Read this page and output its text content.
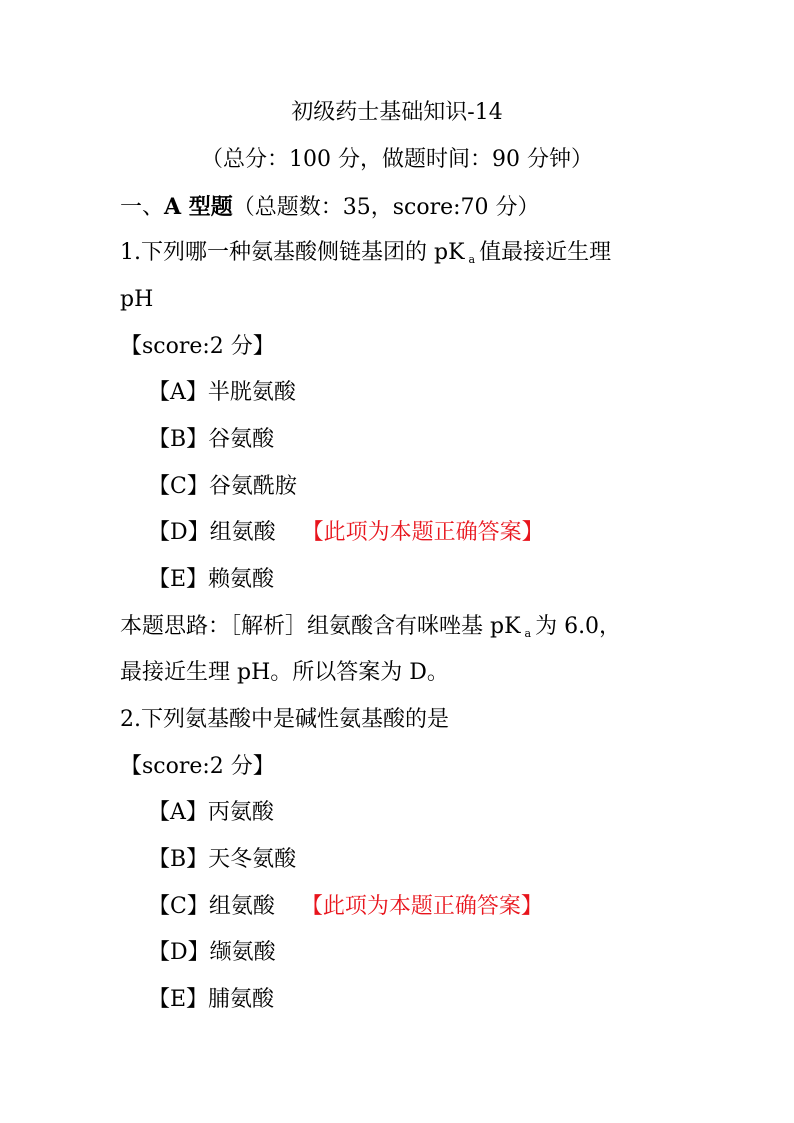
初级药士基础知识-14
（总分：100 分，做题时间：90 分钟）
一、A 型题（总题数：35，score:70 分）
1.下列哪一种氨基酸侧链基团的 pK $_a$ 值最接近生理
pH
【score:2 分】
【A】半胱氨酸
【B】谷氨酸
【C】谷氨酰胺
【D】组氨酸 【此项为本题正确答案】
【E】赖氨酸
本题思路：［解析］组氨酸含有咪唑基 pK $_a$ 为 6.0，
最接近生理 pH。所以答案为 D。
2.下列氨基酸中是碱性氨基酸的是
【score:2 分】
【A】丙氨酸
【B】天冬氨酸
【C】组氨酸 【此项为本题正确答案】
【D】缬氨酸
【E】脯氨酸
